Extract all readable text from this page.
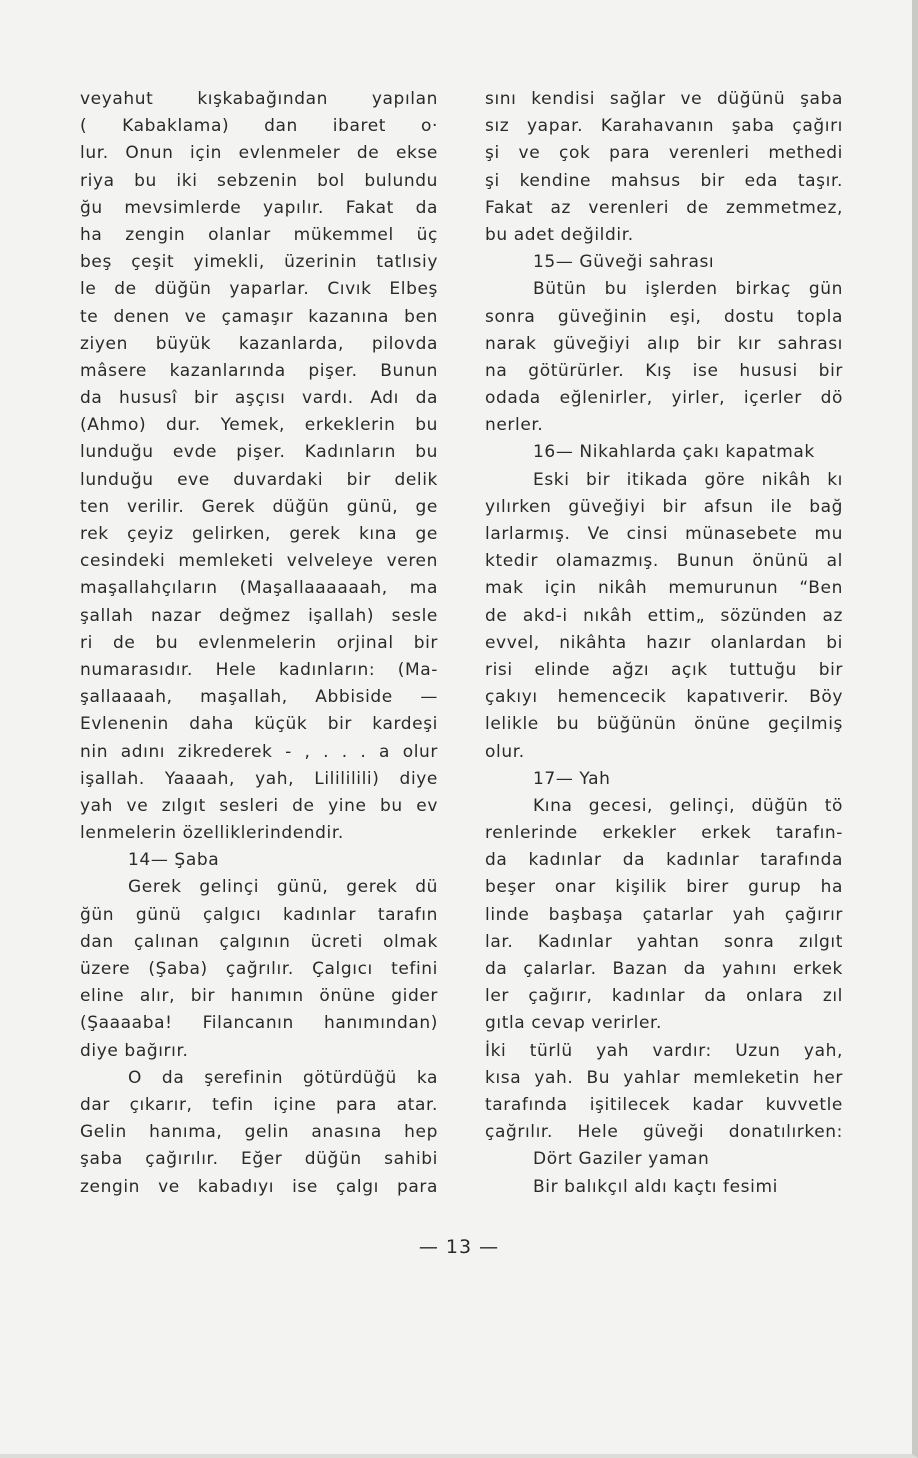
veyahut kışkabağından yapılan
( Kabaklama) dan ibaret o·
lur. Onun için evlenmeler de ekse
riya bu iki sebzenin bol bulundu
ğu mevsimlerde yapılır. Fakat da
ha zengin olanlar mükemmel üç
beş çeşit yimekli, üzerinin tatlısiy
le de düğün yaparlar. Cıvık Elbeş
te denen ve çamaşır kazanına ben
ziyen büyük kazanlarda, pilovda
mâsere kazanlarında pişer. Bunun
da hususî bir aşçısı vardı. Adı da
(Ahmo) dur. Yemek, erkeklerin bu
lunduğu evde pişer. Kadınların bu
lunduğu eve duvardaki bir delik
ten verilir. Gerek düğün günü, ge
rek çeyiz gelirken, gerek kına ge
cesindeki memleketi velveleye veren
maşallahçıların (Maşallaaaaaah, ma
şallah nazar değmez işallah) sesle
ri de bu evlenmelerin orjinal bir
numarasıdır. Hele kadınların: (Ma-
şallaaaah, maşallah, Abbiside —
Evlenenin daha küçük bir kardeşi
nin adını zikrederek - , . . . a olur
işallah. Yaaaah, yah, Lilililili) diye
yah ve zılgıt sesleri de yine bu ev
lenmelerin özelliklerindendir.
14— Şaba
Gerek gelinçi günü, gerek dü
ğün günü çalgıcı kadınlar tarafın
dan çalınan çalgının ücreti olmak
üzere (Şaba) çağrılır. Çalgıcı tefini
eline alır, bir hanımın önüne gider
(Şaaaaba! Filancanın hanımından)
diye bağırır.
O da şerefinin götürdüğü ka
dar çıkarır, tefin içine para atar.
Gelin hanıma, gelin anasına hep
şaba çağırılır. Eğer düğün sahibi
zengin ve kabadıyı ise çalgı para
sını kendisi sağlar ve düğünü şaba
sız yapar. Karahavanın şaba çağırı
şi ve çok para verenleri methedi
şi kendine mahsus bir eda taşır.
Fakat az verenleri de zemmetmez,
bu adet değildir.
15— Güveği sahrası
Bütün bu işlerden birkaç gün
sonra güveğinin eşi, dostu topla
narak güveğiyi alıp bir kır sahrası
na götürürler. Kış ise hususi bir
odada eğlenirler, yirler, içerler dö
nerler.
16— Nikahlarda çakı kapatmak
Eski bir itikada göre nikâh kı
yılırken güveğiyi bir afsun ile bağ
larlarmış. Ve cinsi münasebete mu
ktedir olamazmış. Bunun önünü al
mak için nikâh memurunun “Ben
de akd-i nıkâh ettim„ sözünden az
evvel, nikâhta hazır olanlardan bi
risi elinde ağzı açık tuttuğu bir
çakıyı hemencecik kapatıverir. Böy
lelikle bu büğünün önüne geçilmiş
olur.
17— Yah
Kına gecesi, gelinçi, düğün tö
renlerinde erkekler erkek tarafın-
da kadınlar da kadınlar tarafında
beşer onar kişilik birer gurup ha
linde başbaşa çatarlar yah çağırır
lar. Kadınlar yahtan sonra zılgıt
da çalarlar. Bazan da yahını erkek
ler çağırır, kadınlar da onlara zıl
gıtla cevap verirler.
İki türlü yah vardır: Uzun yah,
kısa yah. Bu yahlar memleketin her
tarafında işitilecek kadar kuvvetle
çağrılır. Hele güveği donatılırken:
Dört Gaziler yaman
Bir balıkçıl aldı kaçtı fesimi
— 13 —
